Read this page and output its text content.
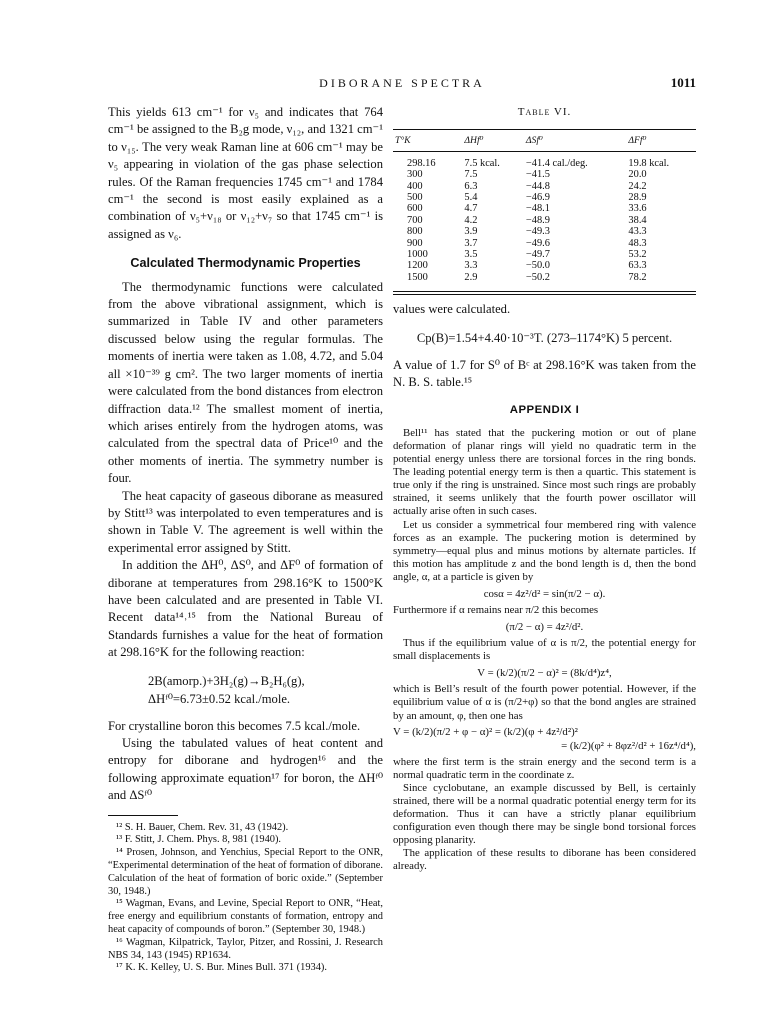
DIBORANE SPECTRA	1011

This yields 613 cm⁻¹ for ν₅ and indicates that 764 cm⁻¹ be assigned to the B₂g mode, ν₁₂, and 1321 cm⁻¹ to ν₁₅. The very weak Raman line at 606 cm⁻¹ may be ν₅ appearing in violation of the gas phase selection rules. Of the Raman frequencies 1745 cm⁻¹ and 1784 cm⁻¹ the second is most easily explained as a combination of ν₅+ν₁₈ or ν₁₂+ν₇ so that 1745 cm⁻¹ is assigned as ν₆.

Calculated Thermodynamic Properties

The thermodynamic functions were calculated from the above vibrational assignment, which is summarized in Table IV and other parameters discussed below using the regular formulas. The moments of inertia were taken as 1.08, 4.72, and 5.04 all ×10⁻³⁹ g cm². The two larger moments of inertia were calculated from the bond distances from electron diffraction data.¹² The smallest moment of inertia, which arises entirely from the hydrogen atoms, was calculated from the spectral data of Price¹⁰ and the other moments of inertia. The symmetry number is four.

The heat capacity of gaseous diborane as measured by Stitt¹³ was interpolated to even temperatures and is shown in Table V. The agreement is well within the experimental error assigned by Stitt.

In addition the ΔH⁰, ΔS⁰, and ΔF⁰ of formation of diborane at temperatures from 298.16°K to 1500°K have been calculated and are presented in Table VI. Recent data¹⁴˒¹⁵ from the National Bureau of Standards furnishes a value for the heat of formation at 298.16°K for the following reaction:

2B(amorp.)+3H₂(g)→B₂H₆(g),
ΔHᶠ⁰=6.73±0.52 kcal./mole.

For crystalline boron this becomes 7.5 kcal./mole.

Using the tabulated values of heat content and entropy for diborane and hydrogen¹⁶ and the following approximate equation¹⁷ for boron, the ΔHᶠ⁰ and ΔSᶠ⁰

¹² S. H. Bauer, Chem. Rev. 31, 43 (1942).

¹³ F. Stitt, J. Chem. Phys. 8, 981 (1940).

¹⁴ Prosen, Johnson, and Yenchius, Special Report to the ONR, “Experimental determination of the heat of formation of diborane. Calculation of the heat of formation of boric oxide.” (September 30, 1948.)

¹⁵ Wagman, Evans, and Levine, Special Report to ONR, “Heat, free energy and equilibrium constants of formation, entropy and heat capacity of compounds of boron.” (September 30, 1948.)

¹⁶ Wagman, Kilpatrick, Taylor, Pitzer, and Rossini, J. Research NBS 34, 143 (1945) RP1634.

¹⁷ K. K. Kelley, U. S. Bur. Mines Bull. 371 (1934).

Table VI.
T°K	ΔHf⁰	ΔSf⁰	ΔFf⁰
298.16	7.5 kcal.	−41.4 cal./deg.	19.8 kcal.
300	7.5	−41.5	20.0
400	6.3	−44.8	24.2
500	5.4	−46.9	28.9
600	4.7	−48.1	33.6
700	4.2	−48.9	38.4
800	3.9	−49.3	43.3
900	3.7	−49.6	48.3
1000	3.5	−49.7	53.2
1200	3.3	−50.0	63.3
1500	2.9	−50.2	78.2

values were calculated.

Cp(B)=1.54+4.40·10⁻³T. (273–1174°K) 5 percent.

A value of 1.7 for S⁰ of Bᶜ at 298.16°K was taken from the N. B. S. table.¹⁵

APPENDIX I

Bell¹¹ has stated that the puckering motion or out of plane deformation of planar rings will yield no quadratic term in the potential energy unless there are torsional forces in the ring bonds. The leading potential energy term is then a quartic. This statement is true only if the ring is unstrained. Since most such rings are probably strained, it seems unlikely that the fourth power oscillator will actually arise often in such cases.

Let us consider a symmetrical four membered ring with valence forces as an example. The puckering motion is determined by symmetry—equal plus and minus motions by alternate particles. If this motion has amplitude z and the bond length is d, then the bond angle, α, at a particle is given by

cosα = 4z²/d² = sin(π/2 − α).

Furthermore if α remains near π/2 this becomes

(π/2 − α) = 4z²/d².

Thus if the equilibrium value of α is π/2, the potential energy for small displacements is

V = (k/2)(π/2 − α)² = (8k/d⁴)z⁴,

which is Bell’s result of the fourth power potential. However, if the equilibrium value of α is (π/2+φ) so that the bond angles are strained by an amount, φ, then one has

V = (k/2)(π/2 + φ − α)² = (k/2)(φ + 4z²/d²)²
= (k/2)(φ² + 8φz²/d² + 16z⁴/d⁴),

where the first term is the strain energy and the second term is a normal quadratic term in the coordinate z.

Since cyclobutane, an example discussed by Bell, is certainly strained, there will be a normal quadratic potential energy term for its deformation. Thus it can have a strictly planar equilibrium configuration even though there may be single bond torsional forces opposing planarity.

The application of these results to diborane has been considered already.
